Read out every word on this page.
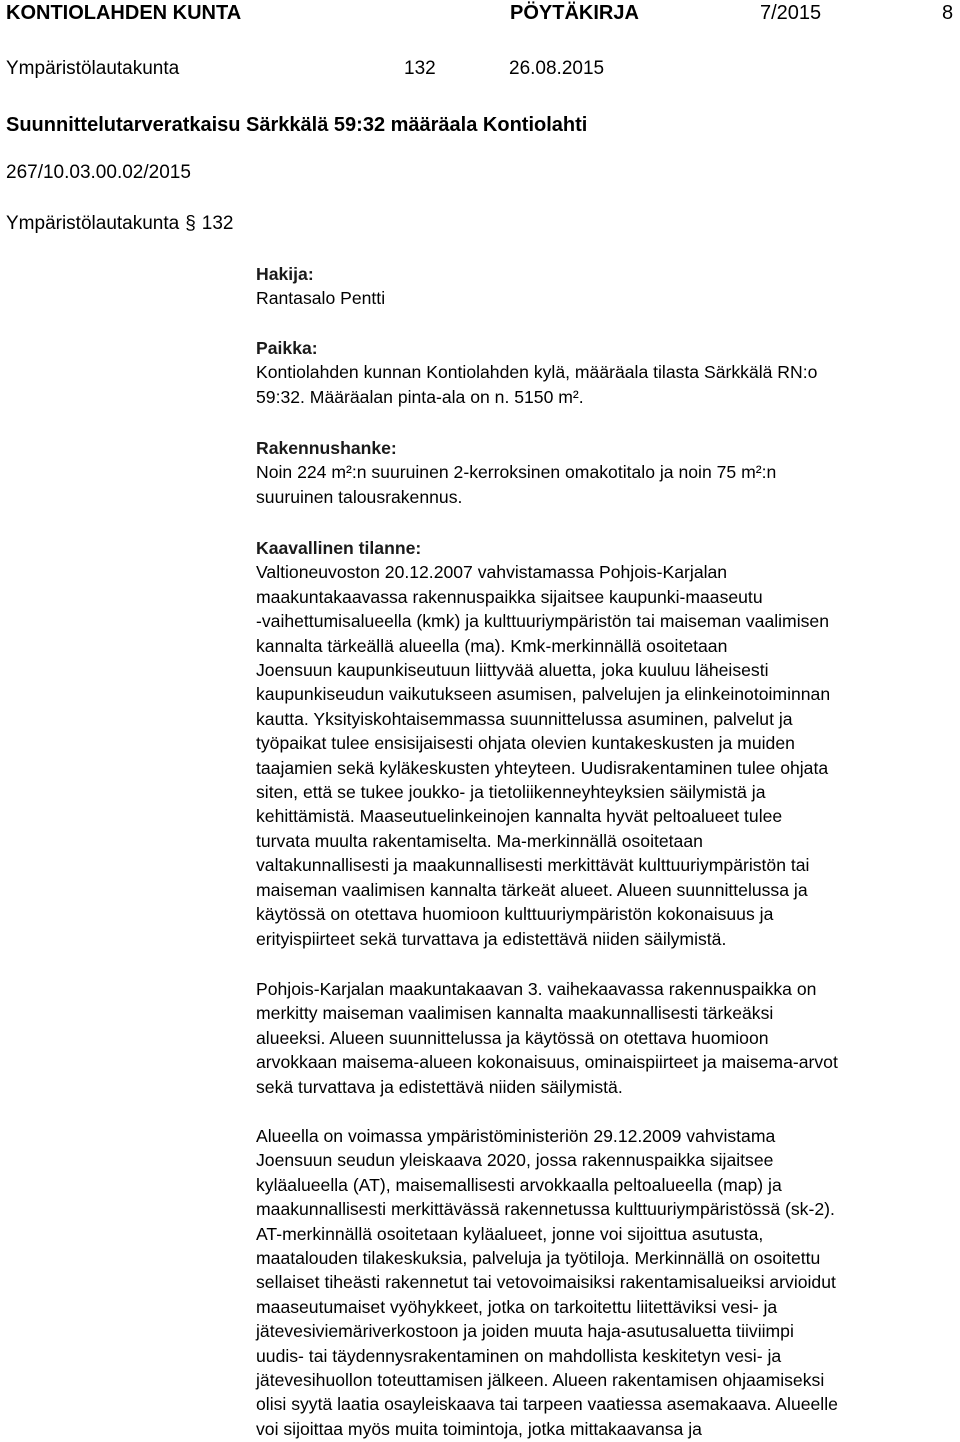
KONTIOLAHDEN KUNTA	PÖYTÄKIRJA	7/2015	8
Ympäristölautakunta	132	26.08.2015
Suunnittelutarveratkaisu Särkkälä 59:32 määräala Kontiolahti
267/10.03.00.02/2015
Ympäristölautakunta § 132
Hakija:
Rantasalo Pentti
Paikka:
Kontiolahden kunnan Kontiolahden kylä, määräala tilasta Särkkälä RN:o
59:32. Määräalan pinta-ala on n. 5150 m².
Rakennushanke:
Noin 224 m²:n suuruinen 2-kerroksinen omakotitalo ja noin 75 m²:n
suuruinen talousrakennus.
Kaavallinen tilanne:
Valtioneuvoston 20.12.2007 vahvistamassa Pohjois-Karjalan
maakuntakaavassa rakennuspaikka sijaitsee kaupunki-maaseutu
-vaihettumisalueella (kmk) ja kulttuuriympäristön tai maiseman vaalimisen
kannalta tärkeällä alueella (ma). Kmk-merkinnällä osoitetaan
Joensuun kaupunkiseutuun liittyvää aluetta, joka kuuluu läheisesti
kaupunkiseudun vaikutukseen asumisen, palvelujen ja elinkeinotoiminnan
kautta. Yksityiskohtaisemmassa suunnittelussa asuminen, palvelut ja
työpaikat tulee ensisijaisesti ohjata olevien kuntakeskusten ja muiden
taajamien sekä kyläkeskusten yhteyteen. Uudisrakentaminen tulee ohjata
siten, että se tukee joukko- ja tietoliikenneyhteyksien säilymistä ja
kehittämistä. Maaseutuelinkeinojen kannalta hyvät peltoalueet tulee
turvata muulta rakentamiselta. Ma-merkinnällä osoitetaan
valtakunnallisesti ja maakunnallisesti merkittävät kulttuuriympäristön tai
maiseman vaalimisen kannalta tärkeät alueet. Alueen suunnittelussa ja
käytössä on otettava huomioon kulttuuriympäristön kokonaisuus ja
erityispiirteet sekä turvattava ja edistettävä niiden säilymistä.
Pohjois-Karjalan maakuntakaavan 3. vaihekaavassa rakennuspaikka on
merkitty maiseman vaalimisen kannalta maakunnallisesti tärkeäksi
alueeksi. Alueen suunnittelussa ja käytössä on otettava huomioon
arvokkaan maisema-alueen kokonaisuus, ominaispiirteet ja maisema-arvot
sekä turvattava ja edistettävä niiden säilymistä.
Alueella on voimassa ympäristöministeriön 29.12.2009 vahvistama
Joensuun seudun yleiskaava 2020, jossa rakennuspaikka sijaitsee
kyläalueella (AT), maisemallisesti arvokkaalla peltoalueella (map) ja
maakunnallisesti merkittävässä rakennetussa kulttuuriympäristössä (sk-2).
AT-merkinnällä osoitetaan kyläalueet, jonne voi sijoittua asutusta,
maatalouden tilakeskuksia, palveluja ja työtiloja. Merkinnällä on osoitettu
sellaiset tiheästi rakennetut tai vetovoimaisiksi rakentamisalueiksi arvioidut
maaseutumaiset vyöhykkeet, jotka on tarkoitettu liitettäviksi vesi- ja
jätevesiviemäriverkostoon ja joiden muuta haja-asutusaluetta tiiviimpi
uudis- tai täydennysrakentaminen on mahdollista keskitetyn vesi- ja
jätevesihuollon toteuttamisen jälkeen. Alueen rakentamisen ohjaamiseksi
olisi syytä laatia osayleiskaava tai tarpeen vaatiessa asemakaava. Alueelle
voi sijoittaa myös muita toimintoja, jotka mittakaavansa ja
